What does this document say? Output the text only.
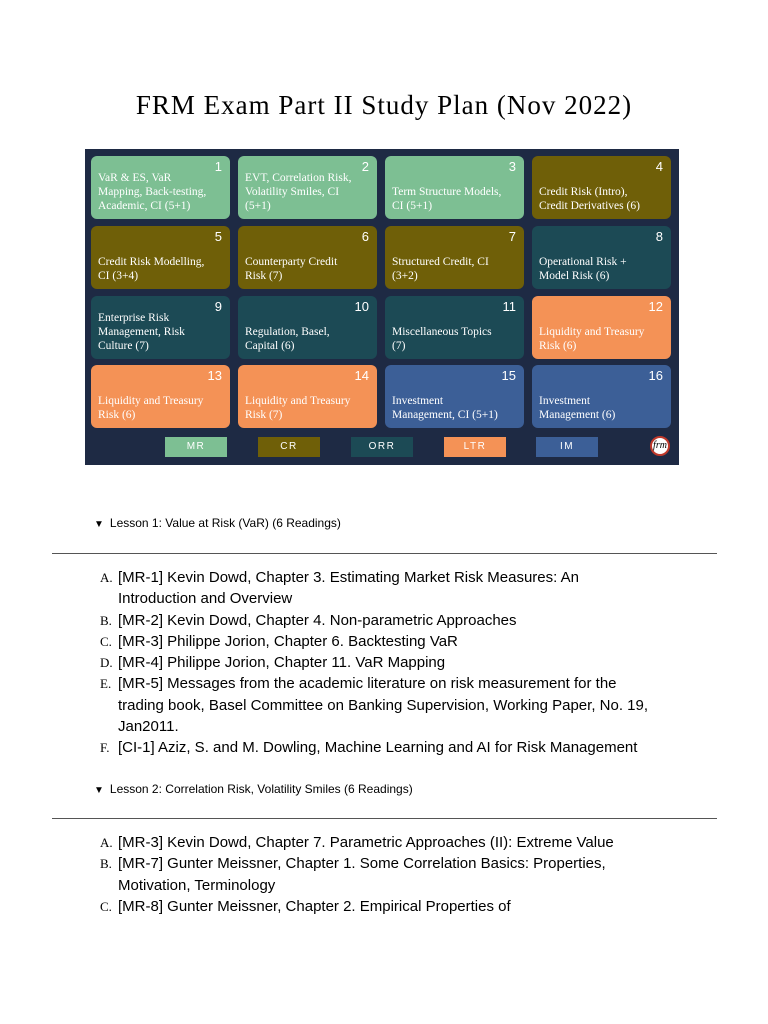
FRM Exam Part II Study Plan (Nov 2022)
1
VaR & ES, VaR Mapping, Back-testing, Academic, CI (5+1)
2
EVT, Correlation Risk, Volatility Smiles, CI (5+1)
3
Term Structure Models, CI (5+1)
4
Credit Risk (Intro), Credit Derivatives (6)
5
Credit Risk Modelling, CI (3+4)
6
Counterparty Credit Risk (7)
7
Structured Credit, CI (3+2)
8
Operational Risk + Model Risk (6)
9
Enterprise Risk Management, Risk Culture (7)
10
Regulation, Basel, Capital (6)
11
Miscellaneous Topics (7)
12
Liquidity and Treasury Risk (6)
13
Liquidity and Treasury Risk (6)
14
Liquidity and Treasury Risk (7)
15
Investment Management, CI (5+1)
16
Investment Management (6)
MR	CR	ORR	LTR	IM	frm
▼ Lesson 1: Value at Risk (VaR) (6 Readings)
A. [MR-1] Kevin Dowd, Chapter 3. Estimating Market Risk Measures: An Introduction and Overview
B. [MR-2] Kevin Dowd, Chapter 4. Non-parametric Approaches
C. [MR-3] Philippe Jorion, Chapter 6. Backtesting VaR
D. [MR-4] Philippe Jorion, Chapter 11. VaR Mapping
E. [MR-5] Messages from the academic literature on risk measurement for the trading book, Basel Committee on Banking Supervision, Working Paper, No. 19, Jan2011.
F. [CI-1] Aziz, S. and M. Dowling, Machine Learning and AI for Risk Management
▼ Lesson 2: Correlation Risk, Volatility Smiles (6 Readings)
A. [MR-3] Kevin Dowd, Chapter 7. Parametric Approaches (II): Extreme Value
B. [MR-7] Gunter Meissner, Chapter 1. Some Correlation Basics: Properties, Motivation, Terminology
C. [MR-8] Gunter Meissner, Chapter 2. Empirical Properties of
